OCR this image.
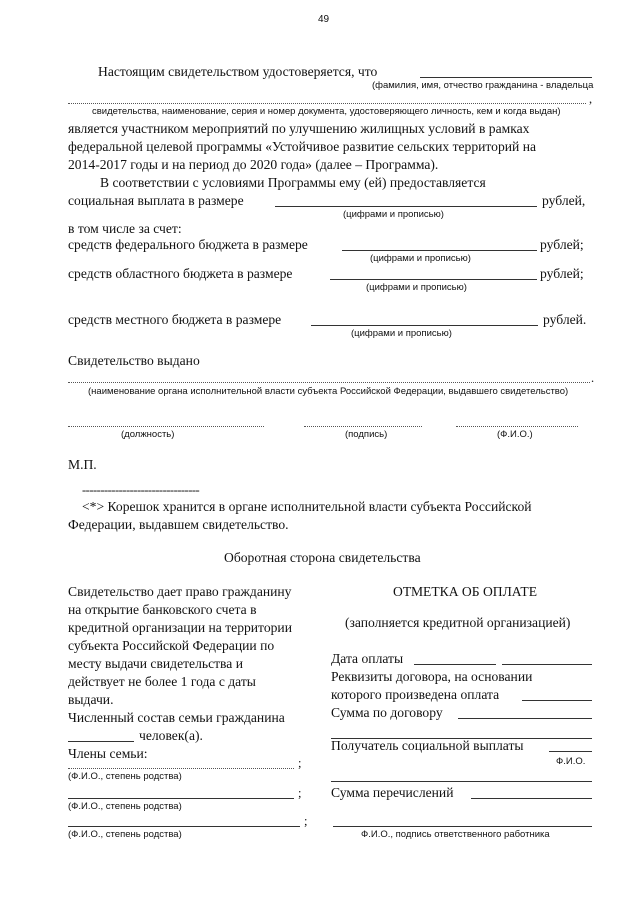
49
Настоящим свидетельством удостоверяется, что
(фамилия, имя, отчество гражданина - владельца
,
свидетельства, наименование, серия и номер документа, удостоверяющего личность, кем и когда выдан)
является участником мероприятий по улучшению жилищных условий в рамках
федеральной целевой программы «Устойчивое развитие сельских территорий на
2014-2017 годы и на период до 2020 года» (далее – Программа).
В соответствии с условиями Программы ему (ей) предоставляется
социальная выплата в размере	рублей,
(цифрами и прописью)
в том числе за счет:
средств федерального бюджета в размере	рублей;
(цифрами и прописью)
средств областного бюджета в размере	рублей;
(цифрами и прописью)
средств местного бюджета в размере	рублей.
(цифрами и прописью)
Свидетельство выдано
.
(наименование органа исполнительной власти субъекта Российской Федерации, выдавшего свидетельство)
(должность)	(подпись)	(Ф.И.О.)
М.П.
--------------------------------
<*> Корешок хранится в органе исполнительной власти субъекта Российской
Федерации, выдавшем свидетельство.
Оборотная сторона свидетельства
Свидетельство дает право гражданину
на открытие банковского счета в
кредитной организации на территории
субъекта Российской Федерации по
месту выдачи свидетельства и
действует не более 1 года с даты
выдачи.
Численный состав семьи гражданина
человек(а).
Члены семьи:
;
(Ф.И.О., степень родства)
;
(Ф.И.О., степень родства)
;
(Ф.И.О., степень родства)
ОТМЕТКА ОБ ОПЛАТЕ
(заполняется кредитной организацией)
Дата оплаты
Реквизиты договора, на основании
которого произведена оплата
Сумма по договору
Получатель социальной выплаты
Ф.И.О.
Сумма перечислений
Ф.И.О., подпись ответственного работника
